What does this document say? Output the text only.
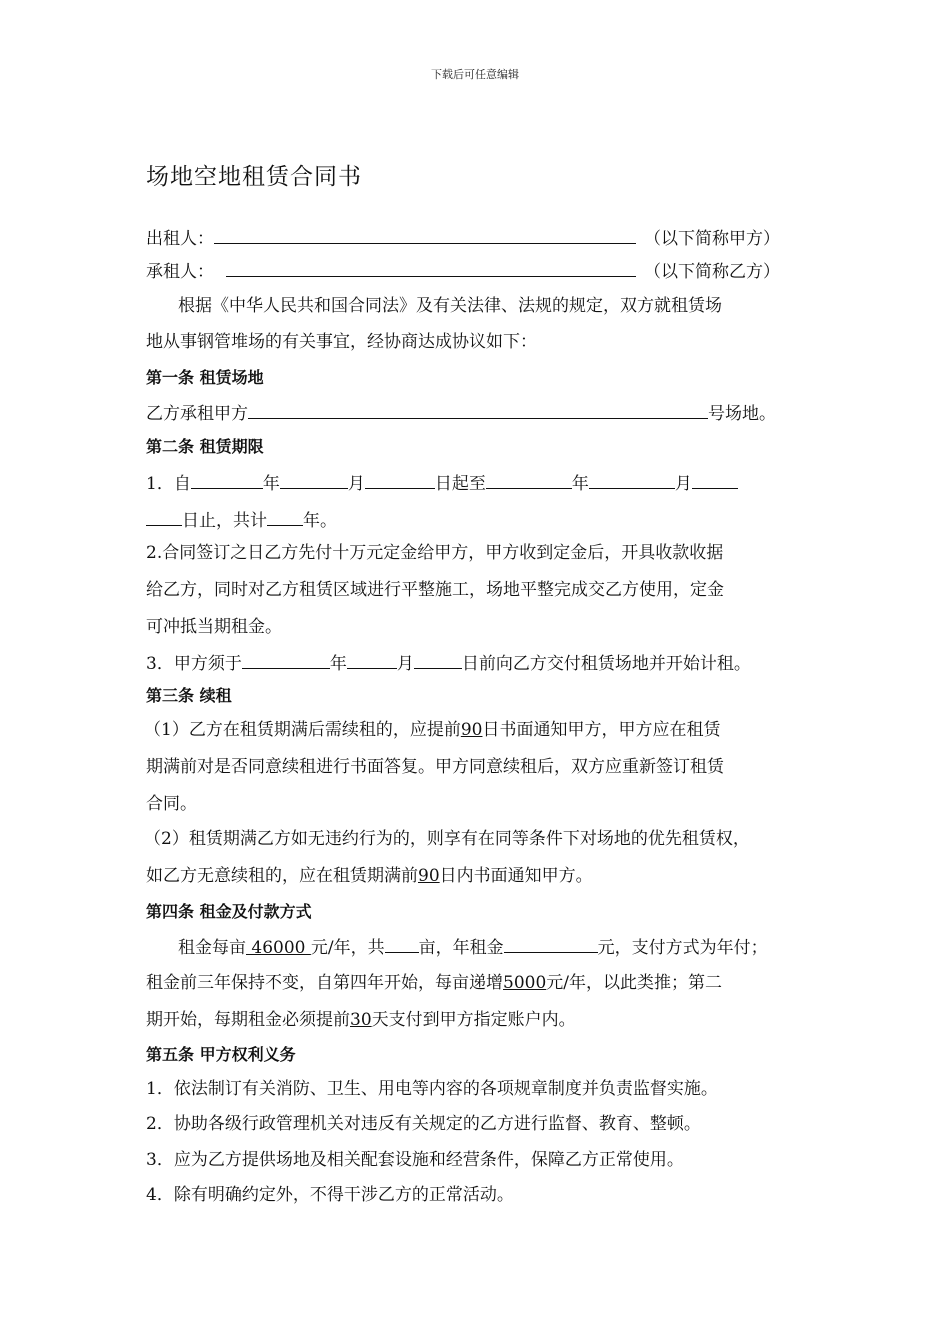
下载后可任意编辑
场地空地租赁合同书
出租人：	（以下简称甲方）
承租人：	（以下简称乙方）
根据《中华人民共和国合同法》及有关法律、法规的规定，双方就租赁场
地从事钢管堆场的有关事宜，经协商达成协议如下：
第一条 租赁场地
乙方承租甲方	号场地。
第二条 租赁期限
1．自	年	月	日起至	年	月
日止，共计 年。
2.合同签订之日乙方先付十万元定金给甲方，甲方收到定金后，开具收款收据
给乙方，同时对乙方租赁区域进行平整施工，场地平整完成交乙方使用，定金
可冲抵当期租金。
3．甲方须于	年	月	日前向乙方交付租赁场地并开始计租。
第三条 续租
（1）乙方在租赁期满后需续租的，应提前90日书面通知甲方，甲方应在租赁
期满前对是否同意续租进行书面答复。甲方同意续租后，双方应重新签订租赁
合同。
（2）租赁期满乙方如无违约行为的，则享有在同等条件下对场地的优先租赁权，
如乙方无意续租的，应在租赁期满前90日内书面通知甲方。
第四条 租金及付款方式
租金每亩 46000 元/年，共 亩，年租金	元，支付方式为年付；
租金前三年保持不变，自第四年开始，每亩递增5000元/年，以此类推；第二
期开始，每期租金必须提前30天支付到甲方指定账户内。
第五条 甲方权利义务
1．依法制订有关消防、卫生、用电等内容的各项规章制度并负责监督实施。
2．协助各级行政管理机关对违反有关规定的乙方进行监督、教育、整顿。
3．应为乙方提供场地及相关配套设施和经营条件，保障乙方正常使用。
4．除有明确约定外，不得干涉乙方的正常活动。
